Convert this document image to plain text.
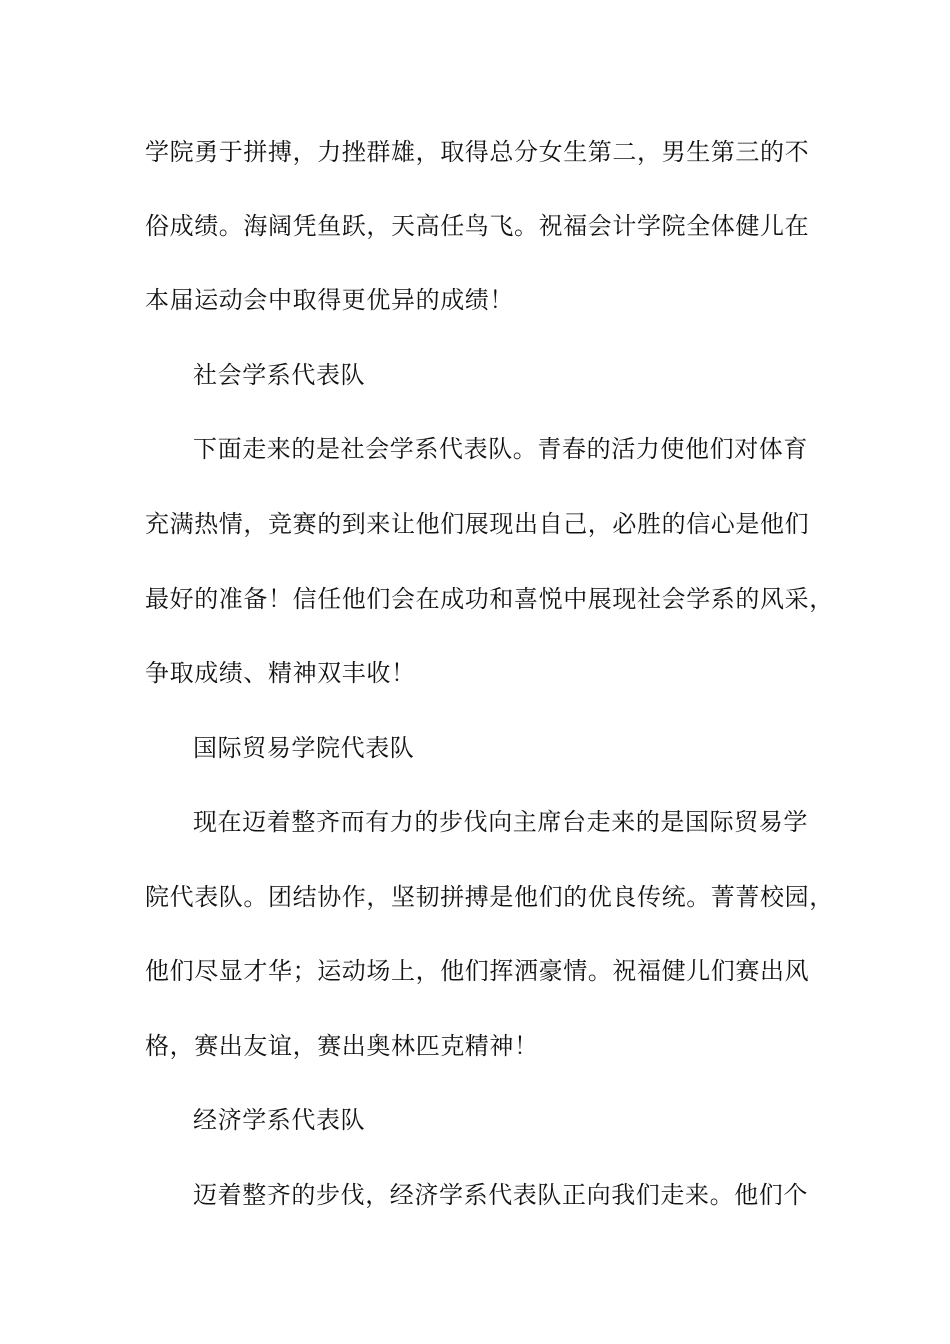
学院勇于拼搏，力挫群雄，取得总分女生第二，男生第三的不
俗成绩。海阔凭鱼跃，天高任鸟飞。祝福会计学院全体健儿在
本届运动会中取得更优异的成绩！
社会学系代表队
下面走来的是社会学系代表队。青春的活力使他们对体育
充满热情，竞赛的到来让他们展现出自己，必胜的信心是他们
最好的准备！信任他们会在成功和喜悦中展现社会学系的风采，
争取成绩、精神双丰收！
国际贸易学院代表队
现在迈着整齐而有力的步伐向主席台走来的是国际贸易学
院代表队。团结协作，坚韧拼搏是他们的优良传统。菁菁校园，
他们尽显才华；运动场上，他们挥洒豪情。祝福健儿们赛出风
格，赛出友谊，赛出奥林匹克精神！
经济学系代表队
迈着整齐的步伐，经济学系代表队正向我们走来。他们个
